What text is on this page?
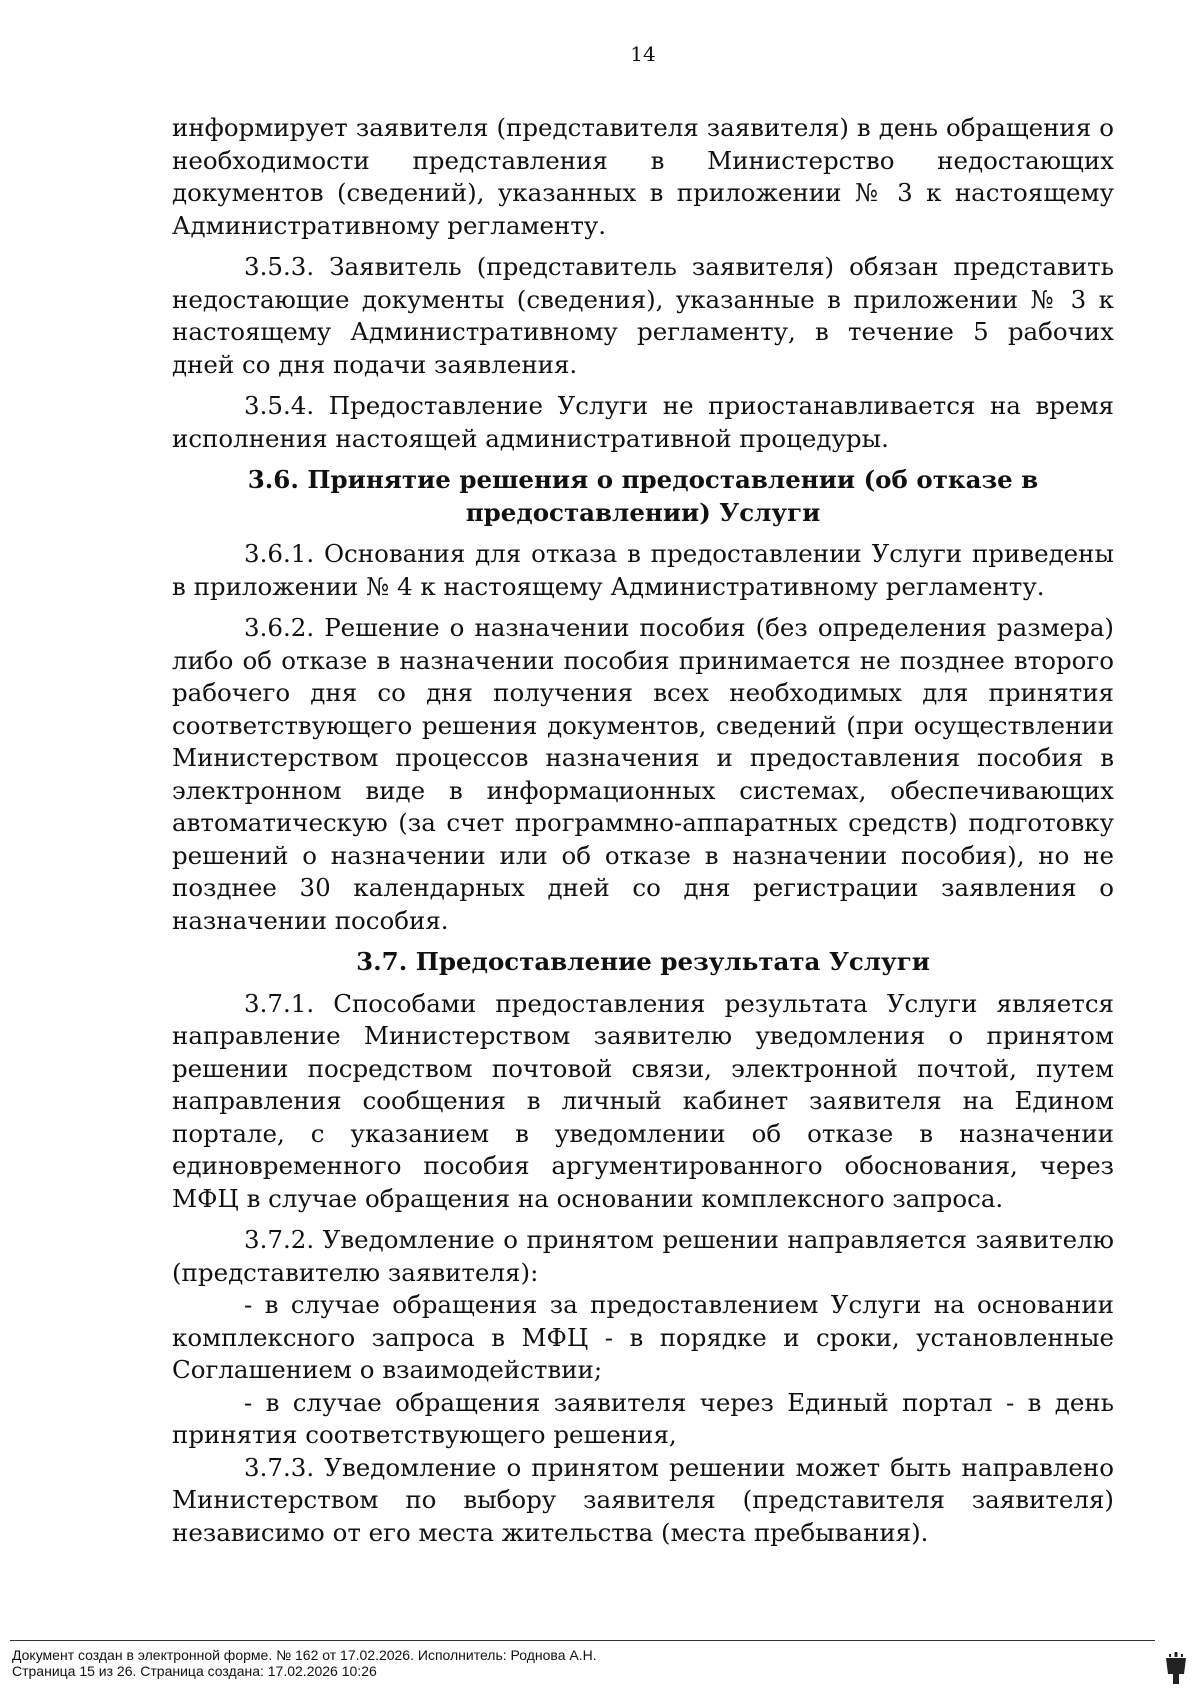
14

информирует заявителя (представителя заявителя) в день обращения о необходимости представления в Министерство недостающих документов (сведений), указанных в приложении № 3 к настоящему Административному регламенту.

3.5.3. Заявитель (представитель заявителя) обязан представить недостающие документы (сведения), указанные в приложении № 3 к настоящему Административному регламенту, в течение 5 рабочих дней со дня подачи заявления.

3.5.4. Предоставление Услуги не приостанавливается на время исполнения настоящей административной процедуры.

3.6. Принятие решения о предоставлении (об отказе в предоставлении) Услуги

3.6.1. Основания для отказа в предоставлении Услуги приведены в приложении № 4 к настоящему Административному регламенту.

3.6.2. Решение о назначении пособия (без определения размера) либо об отказе в назначении пособия принимается не позднее второго рабочего дня со дня получения всех необходимых для принятия соответствующего решения документов, сведений (при осуществлении Министерством процессов назначения и предоставления пособия в электронном виде в информационных системах, обеспечивающих автоматическую (за счет программно-аппаратных средств) подготовку решений о назначении или об отказе в назначении пособия), но не позднее 30 календарных дней со дня регистрации заявления о назначении пособия.

3.7. Предоставление результата Услуги

3.7.1. Способами предоставления результата Услуги является направление Министерством заявителю уведомления о принятом решении посредством почтовой связи, электронной почтой, путем направления сообщения в личный кабинет заявителя на Едином портале, с указанием в уведомлении об отказе в назначении единовременного пособия аргументированного обоснования, через МФЦ в случае обращения на основании комплексного запроса.

3.7.2. Уведомление о принятом решении направляется заявителю (представителю заявителя):

- в случае обращения за предоставлением Услуги на основании комплексного запроса в МФЦ - в порядке и сроки, установленные Соглашением о взаимодействии;

- в случае обращения заявителя через Единый портал - в день принятия соответствующего решения,

3.7.3. Уведомление о принятом решении может быть направлено Министерством по выбору заявителя (представителя заявителя) независимо от его места жительства (места пребывания).

Документ создан в электронной форме. № 162 от 17.02.2026. Исполнитель: Роднова А.Н.
Страница 15 из 26. Страница создана: 17.02.2026 10:26
